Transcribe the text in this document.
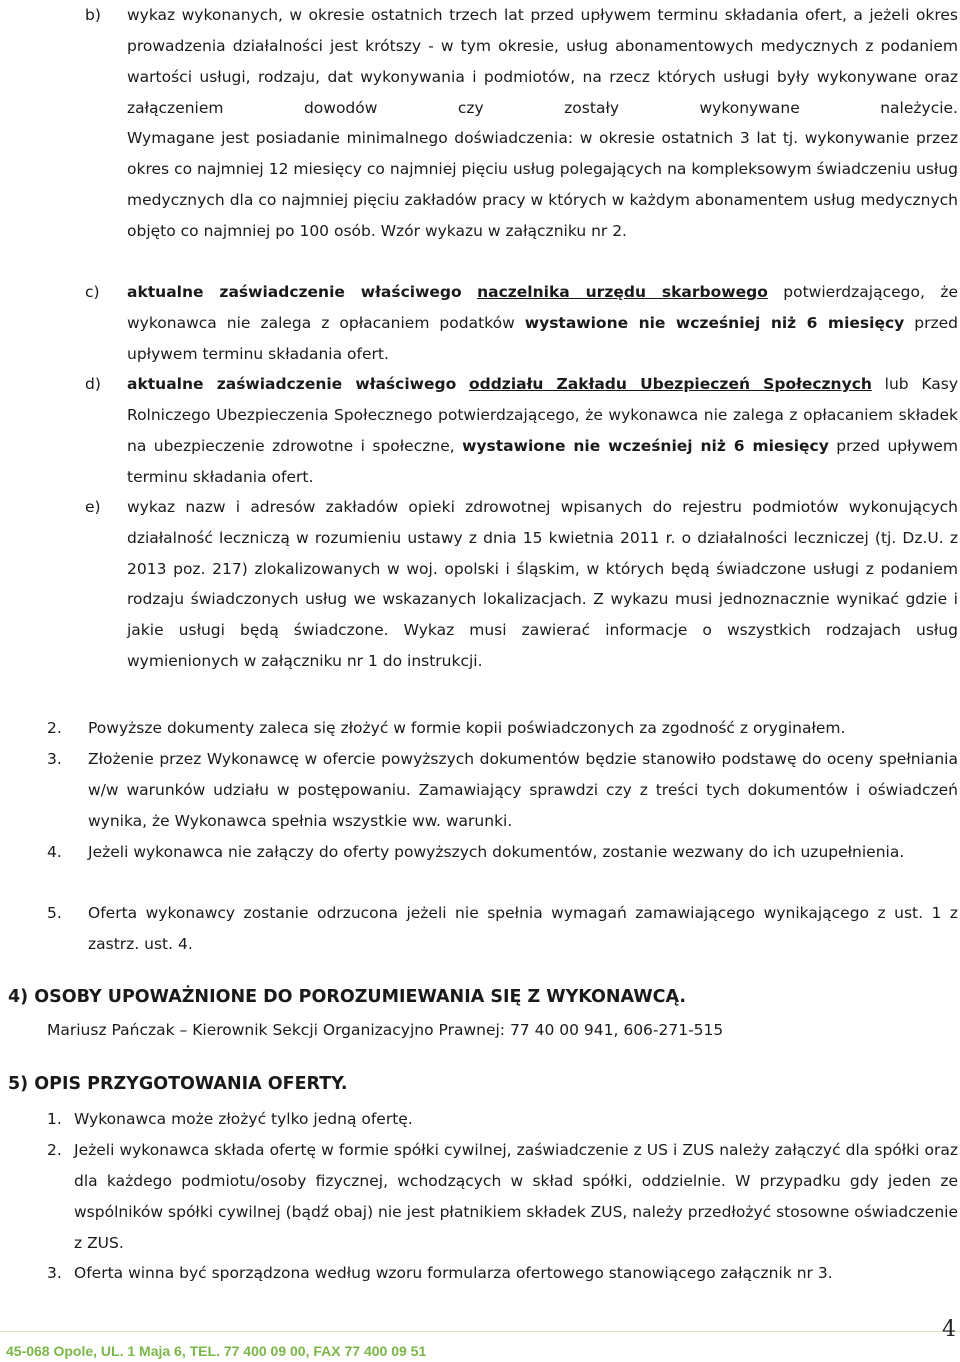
b) wykaz wykonanych, w okresie ostatnich trzech lat przed upływem terminu składania ofert, a jeżeli okres prowadzenia działalności jest krótszy - w tym okresie, usług abonamentowych medycznych z podaniem wartości usługi, rodzaju, dat wykonywania i podmiotów, na rzecz których usługi były wykonywane oraz załączeniem dowodów czy zostały wykonywane należycie.
Wymagane jest posiadanie minimalnego doświadczenia: w okresie ostatnich 3 lat tj. wykonywanie przez okres co najmniej 12 miesięcy co najmniej pięciu usług polegających na kompleksowym świadczeniu usług medycznych dla co najmniej pięciu zakładów pracy w których w każdym abonamentem usług medycznych objęto co najmniej po 100 osób. Wzór wykazu w załączniku nr 2.
c) aktualne zaświadczenie właściwego naczelnika urzędu skarbowego potwierdzającego, że wykonawca nie zalega z opłacaniem podatków wystawione nie wcześniej niż 6 miesięcy przed upływem terminu składania ofert.
d) aktualne zaświadczenie właściwego oddziału Zakładu Ubezpieczeń Społecznych lub Kasy Rolniczego Ubezpieczenia Społecznego potwierdzającego, że wykonawca nie zalega z opłacaniem składek na ubezpieczenie zdrowotne i społeczne, wystawione nie wcześniej niż 6 miesięcy przed upływem terminu składania ofert.
e) wykaz nazw i adresów zakładów opieki zdrowotnej wpisanych do rejestru podmiotów wykonujących działalność leczniczą w rozumieniu ustawy z dnia 15 kwietnia 2011 r. o działalności leczniczej (tj. Dz.U. z 2013 poz. 217) zlokalizowanych w woj. opolski i śląskim, w których będą świadczone usługi z podaniem rodzaju świadczonych usług we wskazanych lokalizacjach. Z wykazu musi jednoznacznie wynikać gdzie i jakie usługi będą świadczone. Wykaz musi zawierać informacje o wszystkich rodzajach usług wymienionych w załączniku nr 1 do instrukcji.
2. Powyższe dokumenty zaleca się złożyć w formie kopii poświadczonych za zgodność z oryginałem.
3. Złożenie przez Wykonawcę w ofercie powyższych dokumentów będzie stanowiło podstawę do oceny spełniania w/w warunków udziału w postępowaniu. Zamawiający sprawdzi czy z treści tych dokumentów i oświadczeń wynika, że Wykonawca spełnia wszystkie ww. warunki.
4. Jeżeli wykonawca nie załączy do oferty powyższych dokumentów, zostanie wezwany do ich uzupełnienia.
5. Oferta wykonawcy zostanie odrzucona jeżeli nie spełnia wymagań zamawiającego wynikającego z ust. 1 z zastrz. ust. 4.
4) OSOBY UPOWAŻNIONE DO POROZUMIEWANIA SIĘ Z WYKONAWCĄ.
Mariusz Pańczak – Kierownik Sekcji Organizacyjno Prawnej: 77 40 00 941, 606-271-515
5) OPIS PRZYGOTOWANIA OFERTY.
1. Wykonawca może złożyć tylko jedną ofertę.
2. Jeżeli wykonawca składa ofertę w formie spółki cywilnej, zaświadczenie z US i ZUS należy załączyć dla spółki oraz dla każdego podmiotu/osoby fizycznej, wchodzących w skład spółki, oddzielnie. W przypadku gdy jeden ze wspólników spółki cywilnej (bądź obaj) nie jest płatnikiem składek ZUS, należy przedłożyć stosowne oświadczenie z ZUS.
3. Oferta winna być sporządzona według wzoru formularza ofertowego stanowiącego załącznik nr 3.
45-068 Opole, UL. 1 Maja 6, TEL. 77 400 09 00, FAX 77 400 09 51
4
